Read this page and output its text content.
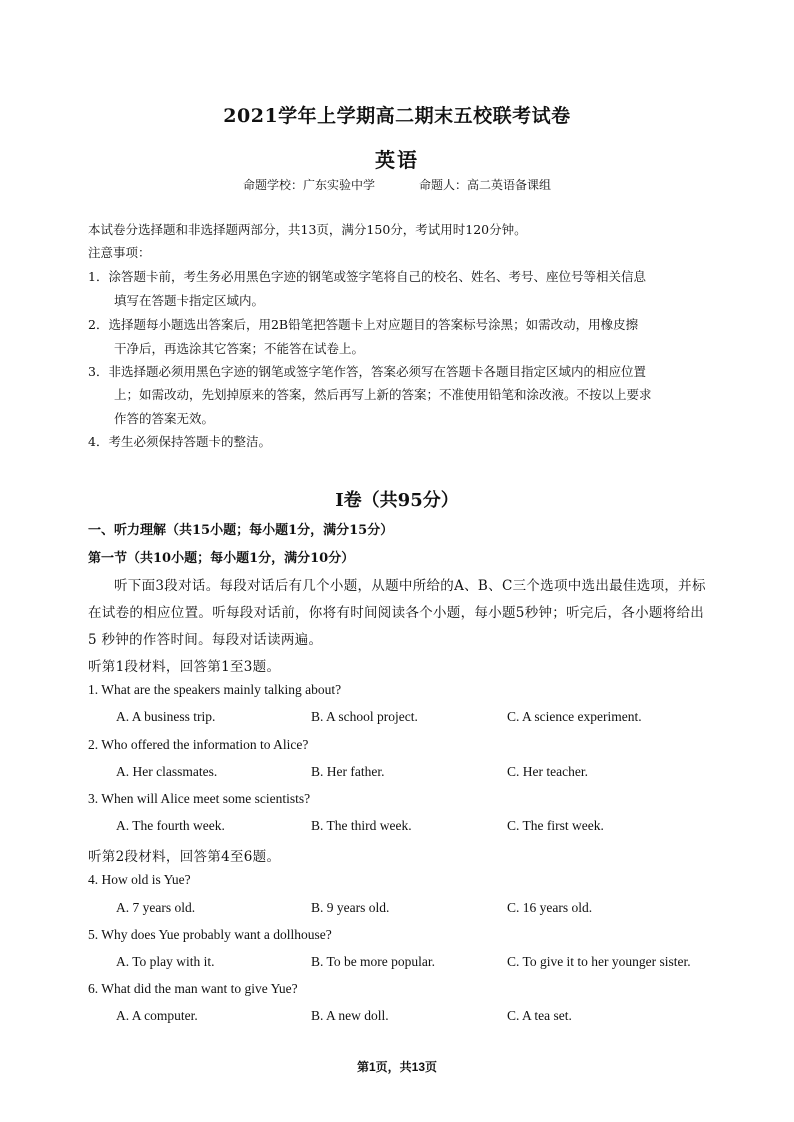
2021学年上学期高二期末五校联考试卷
英语
命题学校：广东实验中学	命题人：高二英语备课组
本试卷分选择题和非选择题两部分，共13页，满分150分，考试用时120分钟。
注意事项：
1．涂答题卡前，考生务必用黑色字迹的钢笔或签字笔将自己的校名、姓名、考号、座位号等相关信息
填写在答题卡指定区域内。
2．选择题每小题选出答案后，用2B铅笔把答题卡上对应题目的答案标号涂黑；如需改动，用橡皮擦
干净后，再选涂其它答案；不能答在试卷上。
3．非选择题必须用黑色字迹的钢笔或签字笔作答，答案必须写在答题卡各题目指定区域内的相应位置
上；如需改动，先划掉原来的答案，然后再写上新的答案；不准使用铅笔和涂改液。不按以上要求
作答的答案无效。
4．考生必须保持答题卡的整洁。
I卷（共95分）
一、听力理解（共15小题；每小题1分，满分15分）
第一节（共10小题；每小题1分，满分10分）
听下面3段对话。每段对话后有几个小题，从题中所给的A、B、C三个选项中选出最佳选项，并标
在试卷的相应位置。听每段对话前，你将有时间阅读各个小题，每小题5秒钟；听完后，各小题将给出
5 秒钟的作答时间。每段对话读两遍。
听第1段材料，回答第1至3题。
1. What are the speakers mainly talking about?
A. A business trip.	B. A school project.	C. A science experiment.
2. Who offered the information to Alice?
A. Her classmates.	B. Her father.	C. Her teacher.
3. When will Alice meet some scientists?
A. The fourth week.	B. The third week.	C. The first week.
听第2段材料，回答第4至6题。
4. How old is Yue?
A. 7 years old.	B. 9 years old.	C. 16 years old.
5. Why does Yue probably want a dollhouse?
A. To play with it.	B. To be more popular.	C. To give it to her younger sister.
6. What did the man want to give Yue?
A. A computer.	B. A new doll.	C. A tea set.
第1页，共13页
